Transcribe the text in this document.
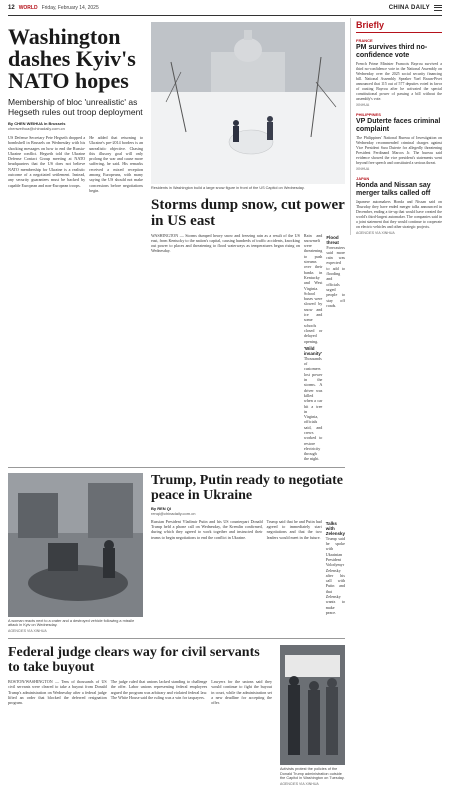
12 WORLD Friday, February 14, 2025	CHINA DAILY
Washington dashes Kyiv's NATO hopes

Membership of bloc 'unrealistic' as Hegseth rules out troop deployment

By CHEN WEIHUA in Brussels
chenweihua@chinadaily.com.cn

US Defense Secretary Pete Hegseth dropped a bombshell in Brussels on Wednesday with his shocking messages on how to end the Russia-Ukraine conflict. Hegseth told the Ukraine Defense Contact Group meeting at NATO headquarters that the US does not believe NATO membership for Ukraine is a realistic outcome of a negotiated settlement. Instead, any security guarantees must be backed by capable European and non-European troops.

He added that returning to Ukraine's pre-2014 borders is an unrealistic objective. Chasing this illusory goal will only prolong the war and cause more suffering, he said. His remarks received a mixed reception among Europeans, with many saying the US should not make concessions before negotiations begin.	Residents in Washington build a large snow figure in front of the US Capitol on Wednesday.

Storms dump snow, cut power in US east

WASHINGTON — Storms dumped heavy snow and freezing rain as a result of the US east, from Kentucky to the nation's capital, causing hundreds of traffic accidents, knocking out power to places and threatening to flood waterways as temperatures began rising on Wednesday.

Rain and snowmelt were threatening to push streams over their banks in Kentucky and West Virginia. School buses were slowed by snow and ice and some schools closed or delayed opening.

'Wild insanity'

Thousands of customers lost power in the storms. A driver was killed when a car hit a tree in Virginia, officials said, and crews worked to restore electricity through the night.

Flood threat

Forecasters said more rain was expected to add to flooding and officials urged people to stay off roads.

A woman reacts next to a crater and a destroyed vehicle following a missile attack in Kyiv on Wednesday.

AGENCIES VIA XINHUA

Trump, Putin ready to negotiate peace in Ukraine
By REN QI
renqi@chinadaily.com.cn

Russian President Vladimir Putin and his US counterpart Donald Trump held a phone call on Wednesday, the Kremlin confirmed, during which they agreed to work together and instructed their teams to begin negotiations to end the conflict in Ukraine.

Trump said that he and Putin had agreed to immediately start negotiations and that the two leaders would meet in the future.

Talks with Zelensky

Trump said he spoke with Ukrainian President Volodymyr Zelensky after his call with Putin and that Zelensky wants to make peace.

Federal judge clears way for civil servants to take buyout

BOSTON/WASHINGTON — Tens of thousands of US civil servants were cleared to take a buyout from Donald Trump's administration on Wednesday after a federal judge lifted an order that blocked the deferred resignation program.

The judge ruled that unions lacked standing to challenge the offer. Labor unions representing federal employees argued the program was arbitrary and violated federal law. The White House said the ruling was a win for taxpayers.

Lawyers for the unions said they would continue to fight the buyout in court, while the administration set a new deadline for accepting the offer.

Activists protest the policies of the Donald Trump administration outside the Capitol in Washington on Tuesday.

AGENCIES VIA XINHUA

Briefly

FRANCE

PM survives third no-confidence vote

French Prime Minister Francois Bayrou survived a third no-confidence vote in the National Assembly on Wednesday over the 2025 social security financing bill. National Assembly Speaker Yael Braun-Pivet announced that 115 out of 577 deputies voted in favor of ousting Bayrou after he activated the special constitutional power of passing a bill without the assembly's vote.

XINHUA

PHILIPPINES

VP Duterte faces criminal complaint

The Philippines' National Bureau of Investigation on Wednesday recommended criminal charges against Vice President Sara Duterte for allegedly threatening President Ferdinand Marcos Jr. The bureau said evidence showed the vice president's statements went beyond free speech and constituted a serious threat.

XINHUA

JAPAN

Honda and Nissan say merger talks called off

Japanese automakers Honda and Nissan said on Thursday they have ended merger talks announced in December, ending a tie-up that would have created the world's third-largest automaker. The companies said in a joint statement that they would continue to cooperate on electric vehicles and other strategic projects.

AGENCIES VIA XINHUA
